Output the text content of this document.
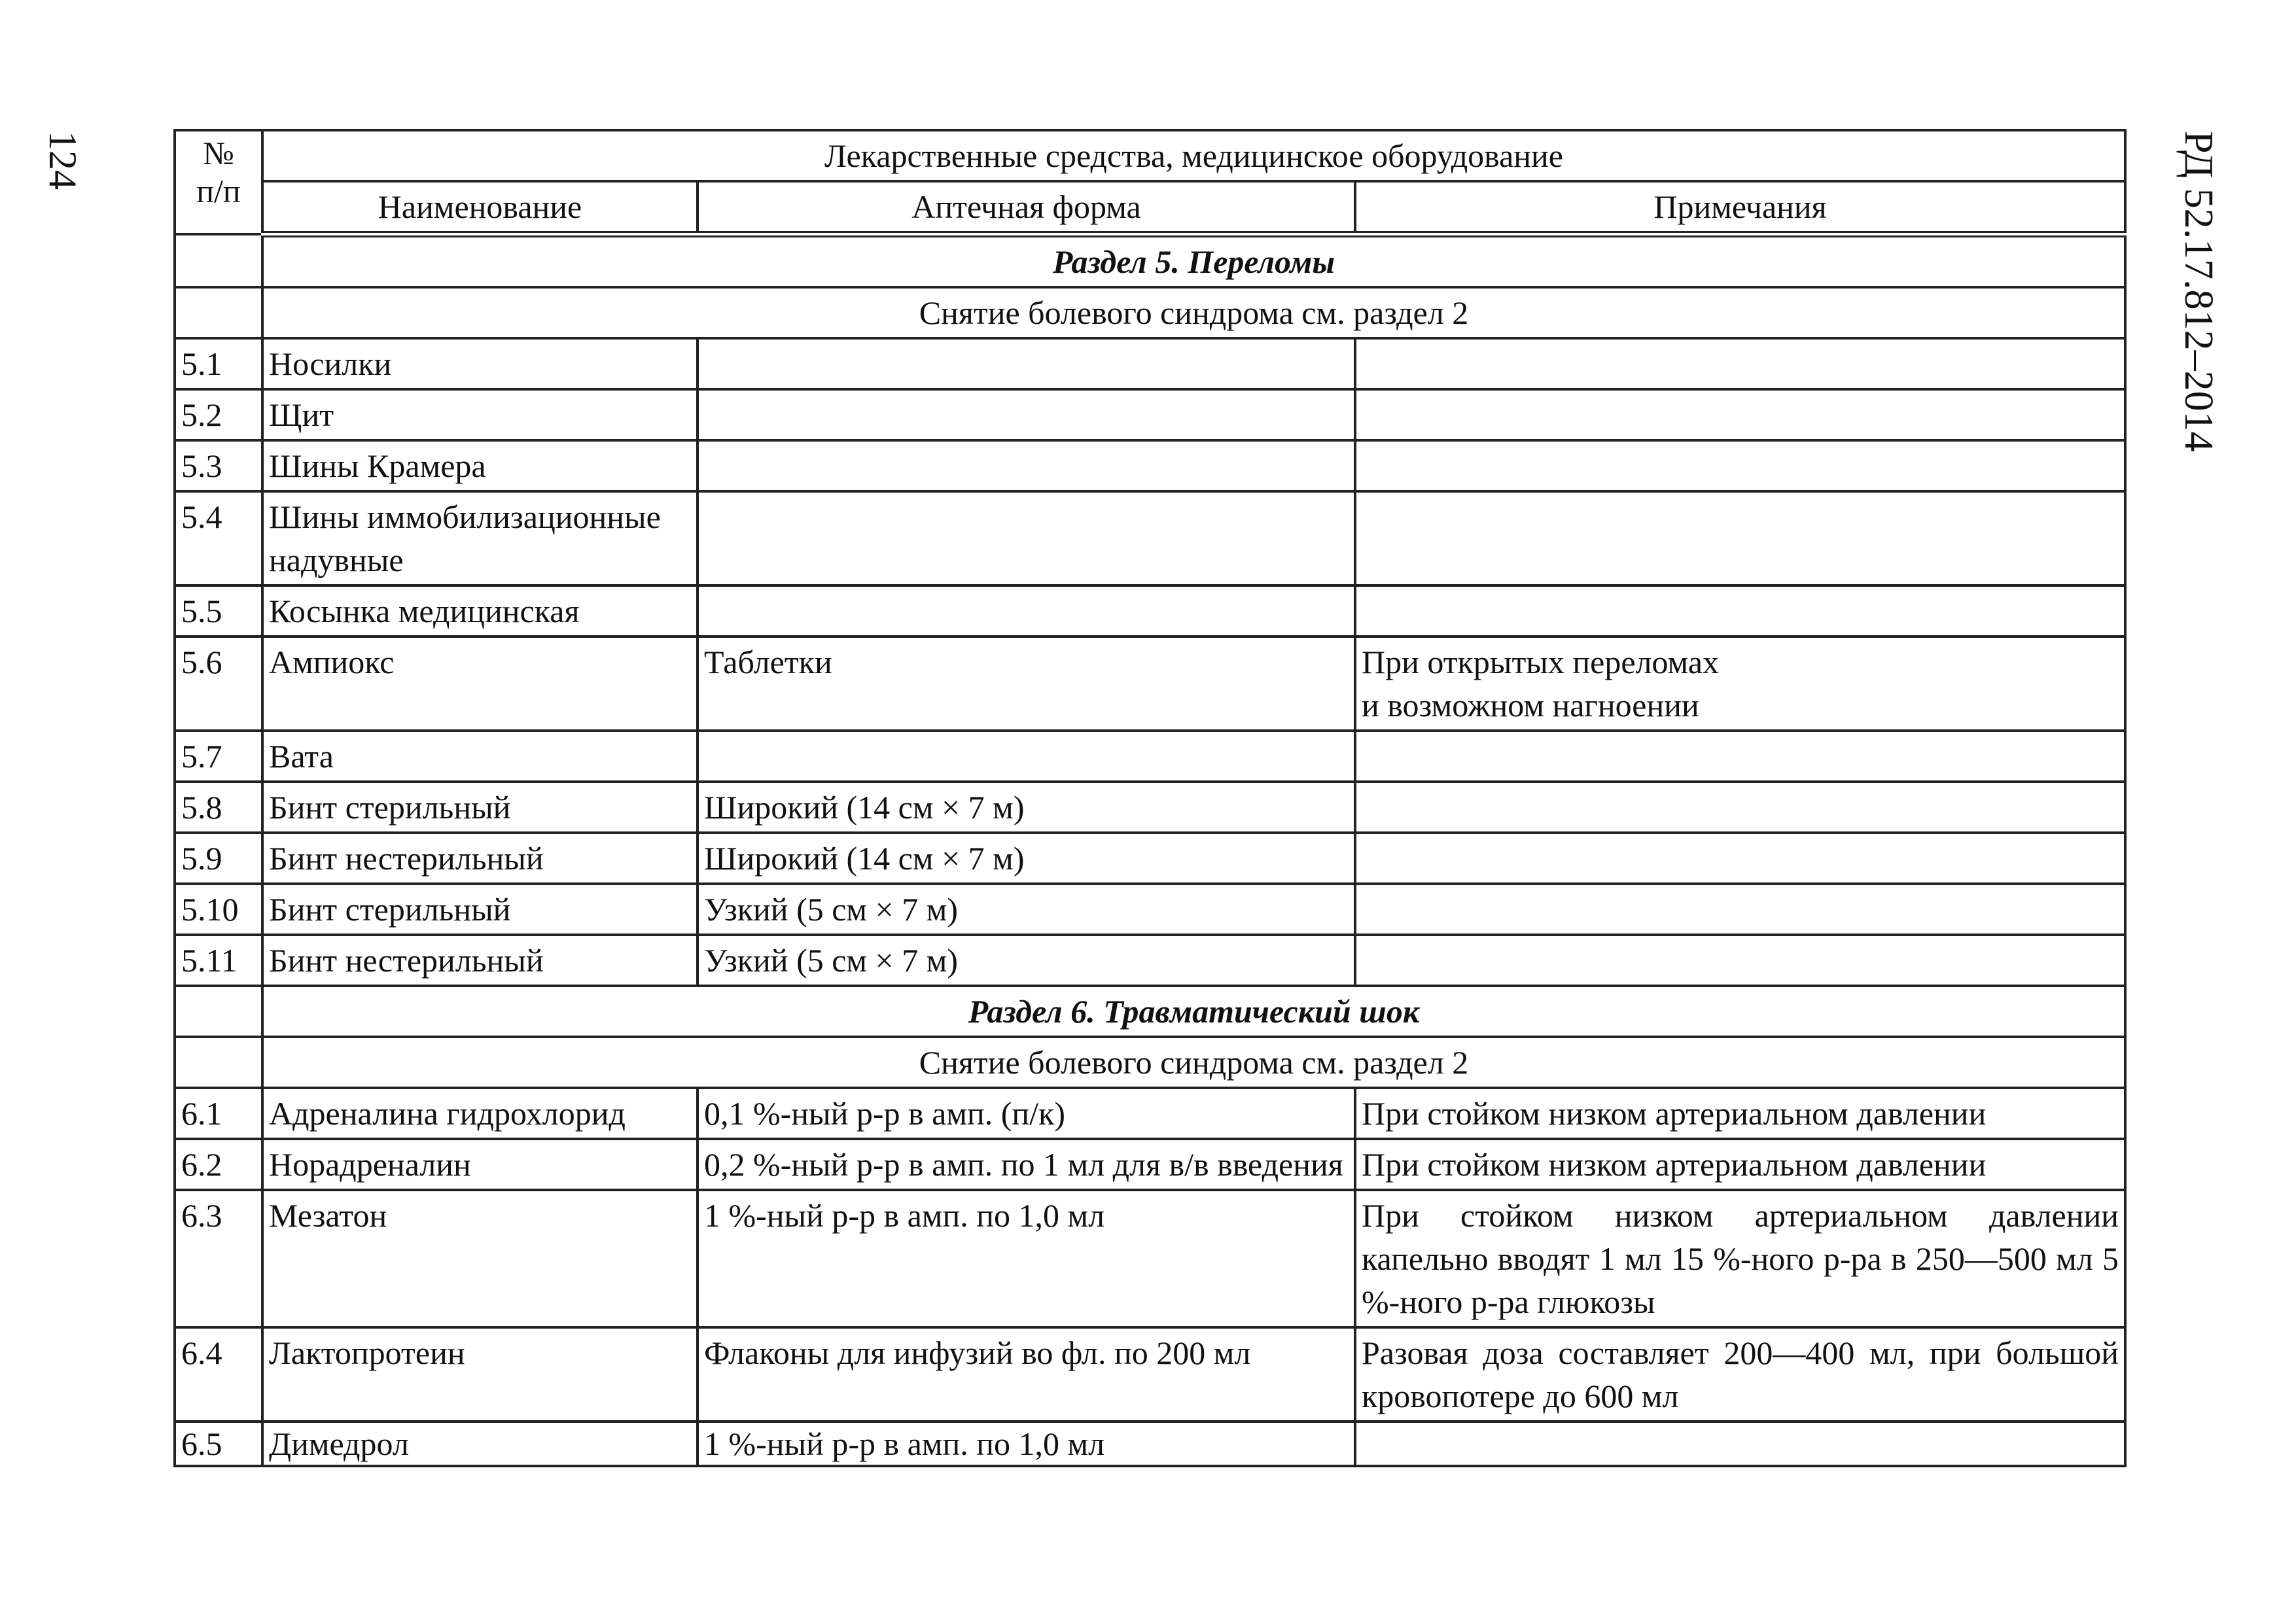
124	РД 52.17.812–2014
№
п/п	Лекарственные средства, медицинское оборудование		
	Наименование	Аптечная форма	Примечания
	Раздел 5. Переломы		
	Снятие болевого синдрома см. раздел 2		
5.1	Носилки		
5.2	Щит		
5.3	Шины Крамера		
5.4	Шины иммобилизационные надувные		
5.5	Косынка медицинская		
5.6	Ампиокс	Таблетки	При открытых переломах
и возможном нагноении
5.7	Вата		
5.8	Бинт стерильный	Широкий (14 см × 7 м)	
5.9	Бинт нестерильный	Широкий (14 см × 7 м)	
5.10	Бинт стерильный	Узкий (5 см × 7 м)	
5.11	Бинт нестерильный	Узкий (5 см × 7 м)	
	Раздел 6. Травматический шок		
	Снятие болевого синдрома см. раздел 2		
6.1	Адреналина гидрохлорид	0,1 %-ный р-р в амп. (п/к)	При стойком низком артериальном давлении
6.2	Норадреналин	0,2 %-ный р-р в амп. по 1 мл для в/в введения	При стойком низком артериальном давлении
6.3	Мезатон	1 %-ный р-р в амп. по 1,0 мл	При стойком низком артериальном давлении капельно вводят 1 мл 15 %-ного р-ра в 250—500 мл 5 %-ного р-ра глюкозы
6.4	Лактопротеин	Флаконы для инфузий во фл. по 200 мл	Разовая доза составляет 200—400 мл, при большой кровопотере до 600 мл
6.5	Димедрол	1 %-ный р-р в амп. по 1,0 мл	
